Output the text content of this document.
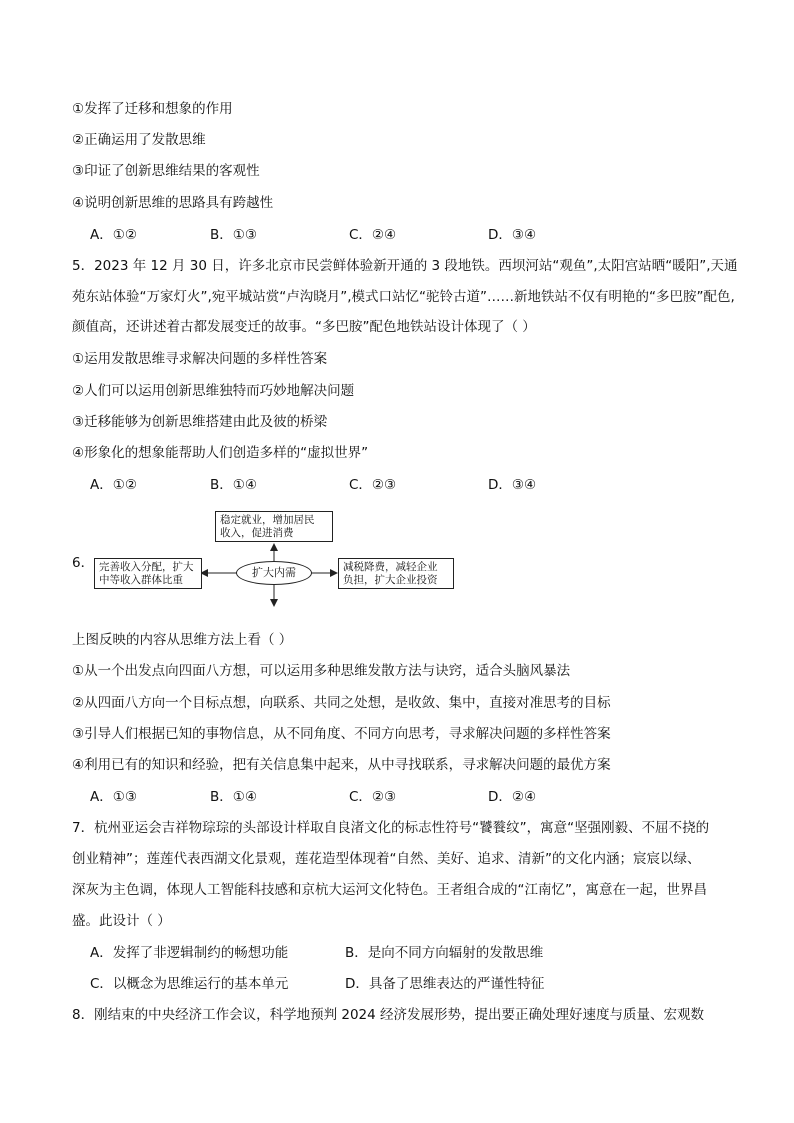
①发挥了迁移和想象的作用
②正确运用了发散思维
③印证了创新思维结果的客观性
④说明创新思维的思路具有跨越性
A．①②	B．①③	C．②④	D．③④
5．2023 年 12 月 30 日，许多北京市民尝鲜体验新开通的 3 段地铁。西坝河站“观鱼”,太阳宫站晒“暖阳”,天通
苑东站体验“万家灯火”,宛平城站赏“卢沟晓月”,模式口站忆“驼铃古道”……新地铁站不仅有明艳的“多巴胺”配色,
颜值高，还讲述着古都发展变迁的故事。“多巴胺”配色地铁站设计体现了（ ）
①运用发散思维寻求解决问题的多样性答案
②人们可以运用创新思维独特而巧妙地解决问题
③迁移能够为创新思维搭建由此及彼的桥梁
④形象化的想象能帮助人们创造多样的“虚拟世界”
A．①②	B．①④	C．②③	D．③④
6．
稳定就业，增加居民
收入，促进消费
完善收入分配，扩大
中等收入群体比重
扩大内需	减税降费，减轻企业
负担，扩大企业投资
上图反映的内容从思维方法上看（ ）
①从一个出发点向四面八方想，可以运用多种思维发散方法与诀窍，适合头脑风暴法
②从四面八方向一个目标点想，向联系、共同之处想，是收敛、集中，直接对准思考的目标
③引导人们根据已知的事物信息，从不同角度、不同方向思考，寻求解决问题的多样性答案
④利用已有的知识和经验，把有关信息集中起来，从中寻找联系，寻求解决问题的最优方案
A．①③	B．①④	C．②③	D．②④
7．杭州亚运会吉祥物琮琮的头部设计样取自良渚文化的标志性符号“饕餮纹”，寓意“坚强刚毅、不屈不挠的
创业精神”；莲莲代表西湖文化景观，莲花造型体现着“自然、美好、追求、清新”的文化内涵；宸宸以绿、
深灰为主色调，体现人工智能科技感和京杭大运河文化特色。王者组合成的“江南忆”，寓意在一起，世界昌
盛。此设计（ ）
A．发挥了非逻辑制约的畅想功能	B．是向不同方向辐射的发散思维
C．以概念为思维运行的基本单元	D．具备了思维表达的严谨性特征
8．刚结束的中央经济工作会议，科学地预判 2024 经济发展形势，提出要正确处理好速度与质量、宏观数
